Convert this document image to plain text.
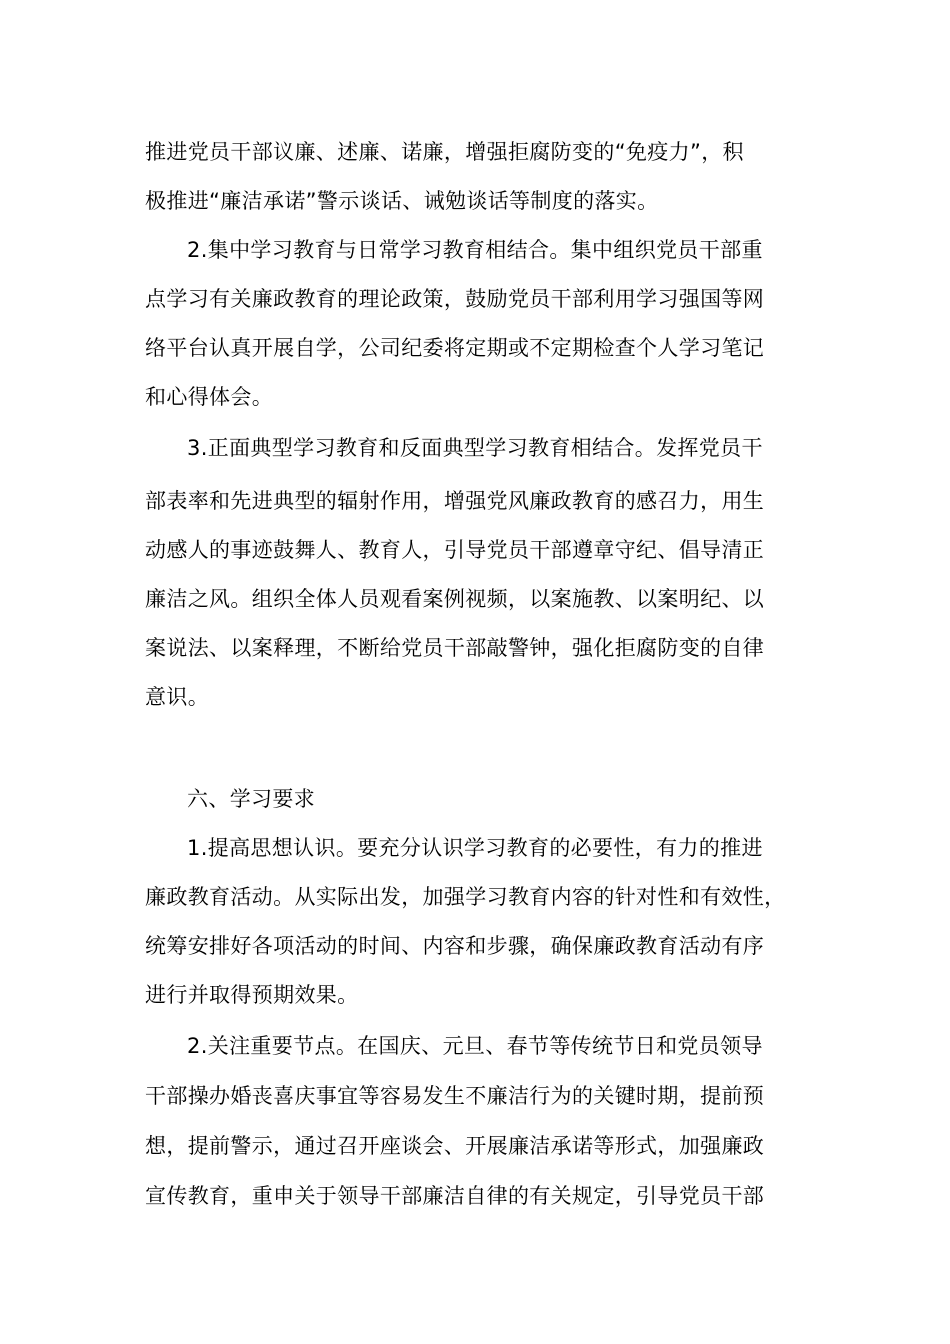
推进党员干部议廉、述廉、诺廉，增强拒腐防变的“免疫力”，积
极推进“廉洁承诺”警示谈话、诫勉谈话等制度的落实。
2.集中学习教育与日常学习教育相结合。集中组织党员干部重
点学习有关廉政教育的理论政策，鼓励党员干部利用学习强国等网
络平台认真开展自学，公司纪委将定期或不定期检查个人学习笔记
和心得体会。
3.正面典型学习教育和反面典型学习教育相结合。发挥党员干
部表率和先进典型的辐射作用，增强党风廉政教育的感召力，用生
动感人的事迹鼓舞人、教育人，引导党员干部遵章守纪、倡导清正
廉洁之风。组织全体人员观看案例视频，以案施教、以案明纪、以
案说法、以案释理，不断给党员干部敲警钟，强化拒腐防变的自律
意识。
六、学习要求
1.提高思想认识。要充分认识学习教育的必要性，有力的推进
廉政教育活动。从实际出发，加强学习教育内容的针对性和有效性，
统筹安排好各项活动的时间、内容和步骤，确保廉政教育活动有序
进行并取得预期效果。
2.关注重要节点。在国庆、元旦、春节等传统节日和党员领导
干部操办婚丧喜庆事宜等容易发生不廉洁行为的关键时期，提前预
想，提前警示，通过召开座谈会、开展廉洁承诺等形式，加强廉政
宣传教育，重申关于领导干部廉洁自律的有关规定，引导党员干部
